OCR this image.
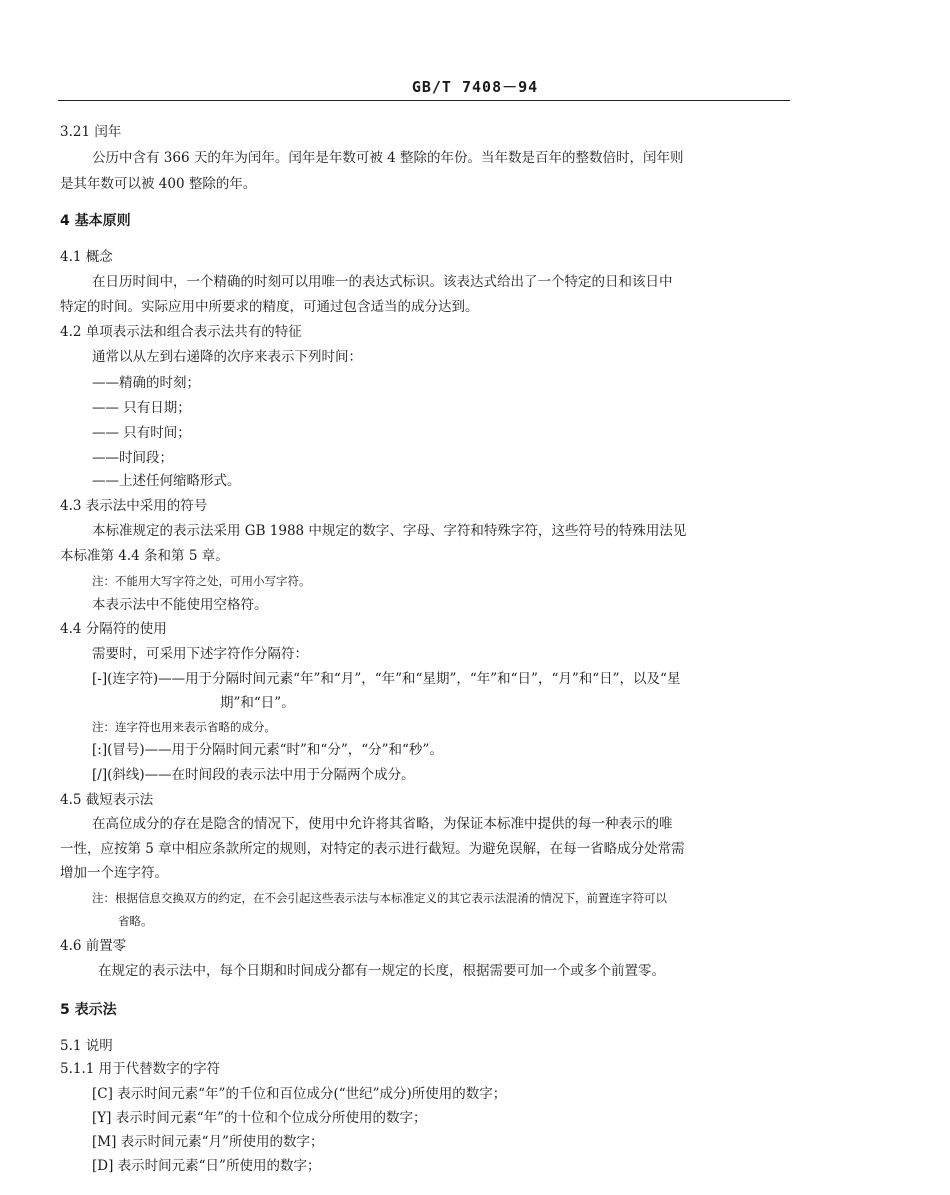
GB/T 7408－94
3.21 闰年
公历中含有 366 天的年为闰年。闰年是年数可被 4 整除的年份。当年数是百年的整数倍时，闰年则
是其年数可以被 400 整除的年。
4 基本原则
4.1 概念
在日历时间中，一个精确的时刻可以用唯一的表达式标识。该表达式给出了一个特定的日和该日中
特定的时间。实际应用中所要求的精度，可通过包含适当的成分达到。
4.2 单项表示法和组合表示法共有的特征
通常以从左到右递降的次序来表示下列时间：
——精确的时刻；
—— 只有日期；
—— 只有时间；
——时间段；
——上述任何缩略形式。
4.3 表示法中采用的符号
本标准规定的表示法采用 GB 1988 中规定的数字、字母、字符和特殊字符，这些符号的特殊用法见
本标准第 4.4 条和第 5 章。
注：不能用大写字符之处，可用小写字符。
本表示法中不能使用空格符。
4.4 分隔符的使用
需要时，可采用下述字符作分隔符：
[-](连字符)——用于分隔时间元素“年”和“月”，“年”和“星期”，“年”和“日”，“月”和“日”，以及“星
期”和“日”。
注：连字符也用来表示省略的成分。
[:](冒号)——用于分隔时间元素“时”和“分”，“分”和“秒”。
[/](斜线)——在时间段的表示法中用于分隔两个成分。
4.5 截短表示法
在高位成分的存在是隐含的情况下，使用中允许将其省略，为保证本标准中提供的每一种表示的唯
一性，应按第 5 章中相应条款所定的规则，对特定的表示进行截短。为避免误解，在每一省略成分处常需
增加一个连字符。
注：根据信息交换双方的约定，在不会引起这些表示法与本标准定义的其它表示法混淆的情况下，前置连字符可以
省略。
4.6 前置零
在规定的表示法中，每个日期和时间成分都有一规定的长度，根据需要可加一个或多个前置零。
5 表示法
5.1 说明
5.1.1 用于代替数字的字符
[C] 表示时间元素“年”的千位和百位成分(“世纪”成分)所使用的数字；
[Y] 表示时间元素“年”的十位和个位成分所使用的数字；
[M] 表示时间元素“月”所使用的数字；
[D] 表示时间元素“日”所使用的数字；
